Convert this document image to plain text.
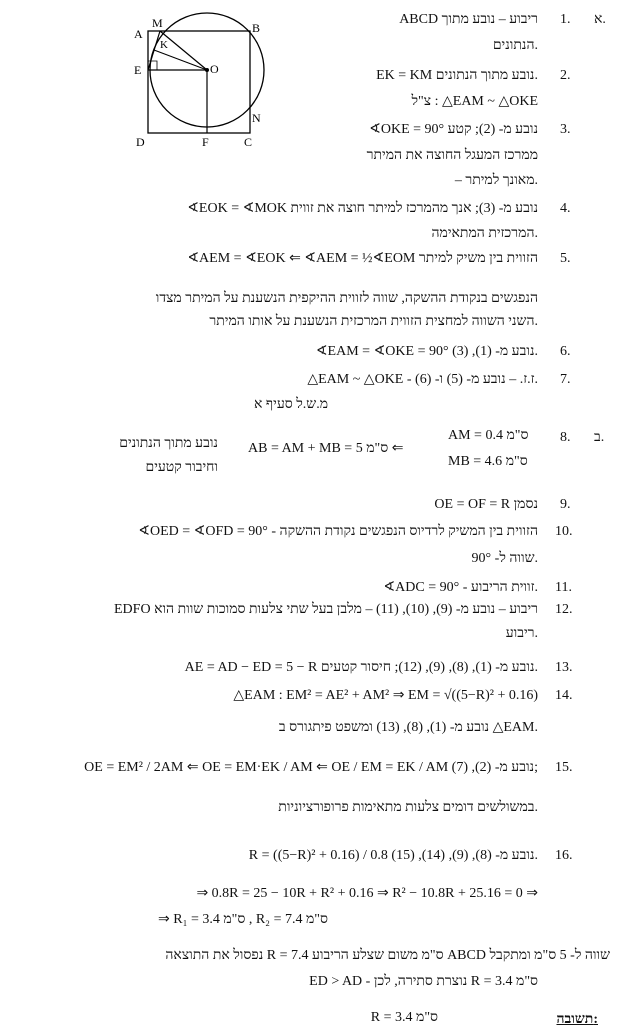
M	B
A
K
E	O
N
D	F	C
א.
ב.
1.
2.
3.
4.
5.
6.
7.
8.
9.
10.
11.
12.
13.
14.
15.
16.
ABCD ריבוע – נובע מתוך
הנתונים.
EK = KM נובע מתוך הנתונים.
צ"ל : △EAM ~ △OKE
∢OKE = 90° נובע מ- (2); קטע
ממרכז המעגל החוצה את המיתר
– מאונך למיתר.
∢EOK = ∢MOK נובע מ- (3); אנך מהמרכז למיתר חוצה את זווית
המרכזית המתאימה.
∢AEM = ∢EOK ⇐ ∢AEM = ½∢EOM הזווית בין משיק למיתר
הנפגשים בנקודת ההשקה, שווה לזווית ההיקפית הנשענת על המיתר מצדו
השני השווה למחצית הזווית המרכזית הנשענת על אותו המיתר.
∢EAM = ∢OKE = 90° נובע מ- (1), (3).
△EAM ~ △OKE - ז.ז. – נובע מ- (5) ו- (6).
מ.ש.ל סעיף א
AM = 0.4 ס"מ
MB = 4.6 ס"מ
AB = AM + MB = 5 ס"מ ⇐
נובע מתוך הנתונים
וחיבור קטעים
OE = OF = R נסמן
∢OED = ∢OFD = 90° - הזווית בין המשיק לרדיוס הנפגשים נקודת ההשקה
שווה ל- 90°.
∢ADC = 90° - זווית הריבוע.
EDFO ריבוע – נובע מ- (9), (10), (11) – מלבן בעל שתי צלעות סמוכות שוות הוא
ריבוע.
AE = AD − ED = 5 − R נובע מ- (1), (8), (9), (12); חיסור קטעים.
△EAM : EM² = AE² + AM² ⇒ EM = √((5−R)² + 0.16)
נובע מ- (1), (8), (13) ומשפט פיתגורס ב △EAM.
OE = EM² / 2AM ⇐ OE = EM·EK / AM ⇐ OE / EM = EK / AM נובע מ- (2), (7);
במשולשים דומים צלעות מתאימות פרופורציוניות.
R = ((5−R)² + 0.16) / 0.8 נובע מ- (8), (9), (14), (15).
⇒ 0.8R = 25 − 10R + R² + 0.16 ⇒ R² − 10.8R + 25.16 = 0 ⇒
⇒ R₁ = 3.4 ס"מ , R₂ = 7.4 ס"מ
נפסול את התוצאה R = 7.4 ס"מ משום שצלע הריבוע ABCD שווה ל- 5 ס"מ ומתקבל
ED > AD - נוצרת סתירה, לכן R = 3.4 ס"מ
תשובה:
R = 3.4 ס"מ
